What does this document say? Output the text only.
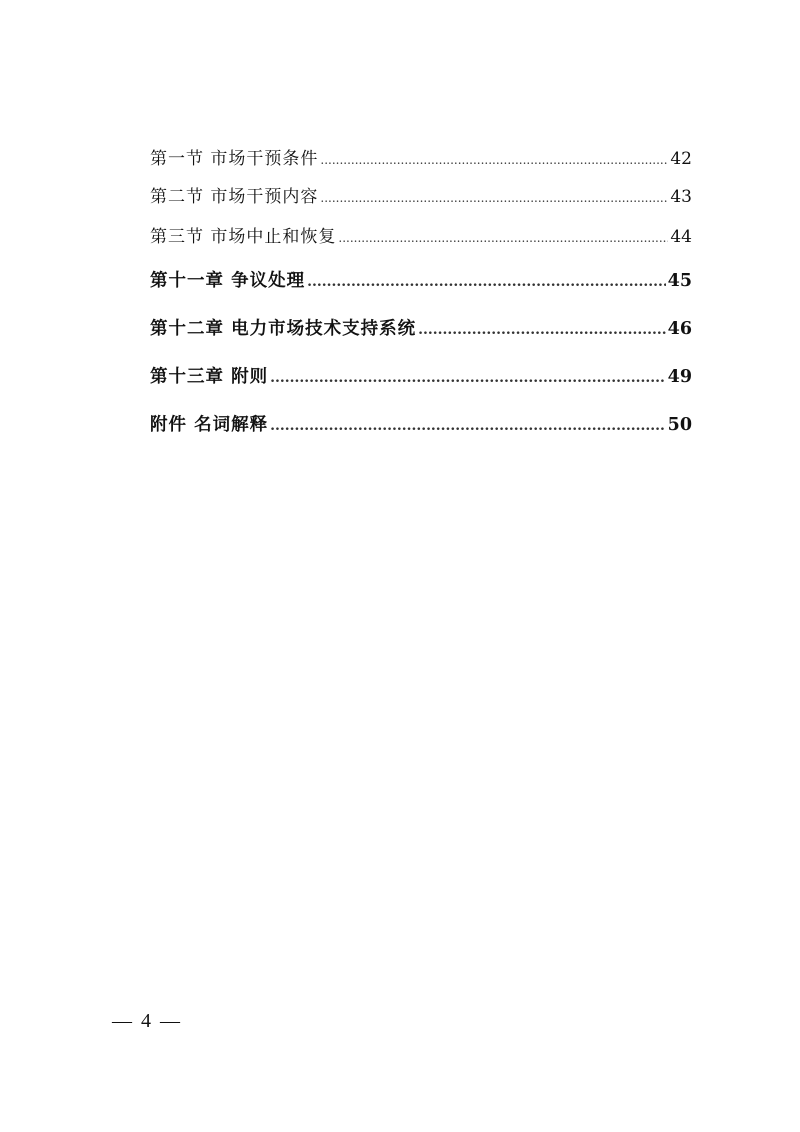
第一节 市场干预条件 .....	42
第二节 市场干预内容 .....	43
第三节 市场中止和恢复 .....	44
第十一章 争议处理 .....	45
第十二章 电力市场技术支持系统 .....	46
第十三章 附则 .....	49
附件 名词解释 .....	50
— 4 —
